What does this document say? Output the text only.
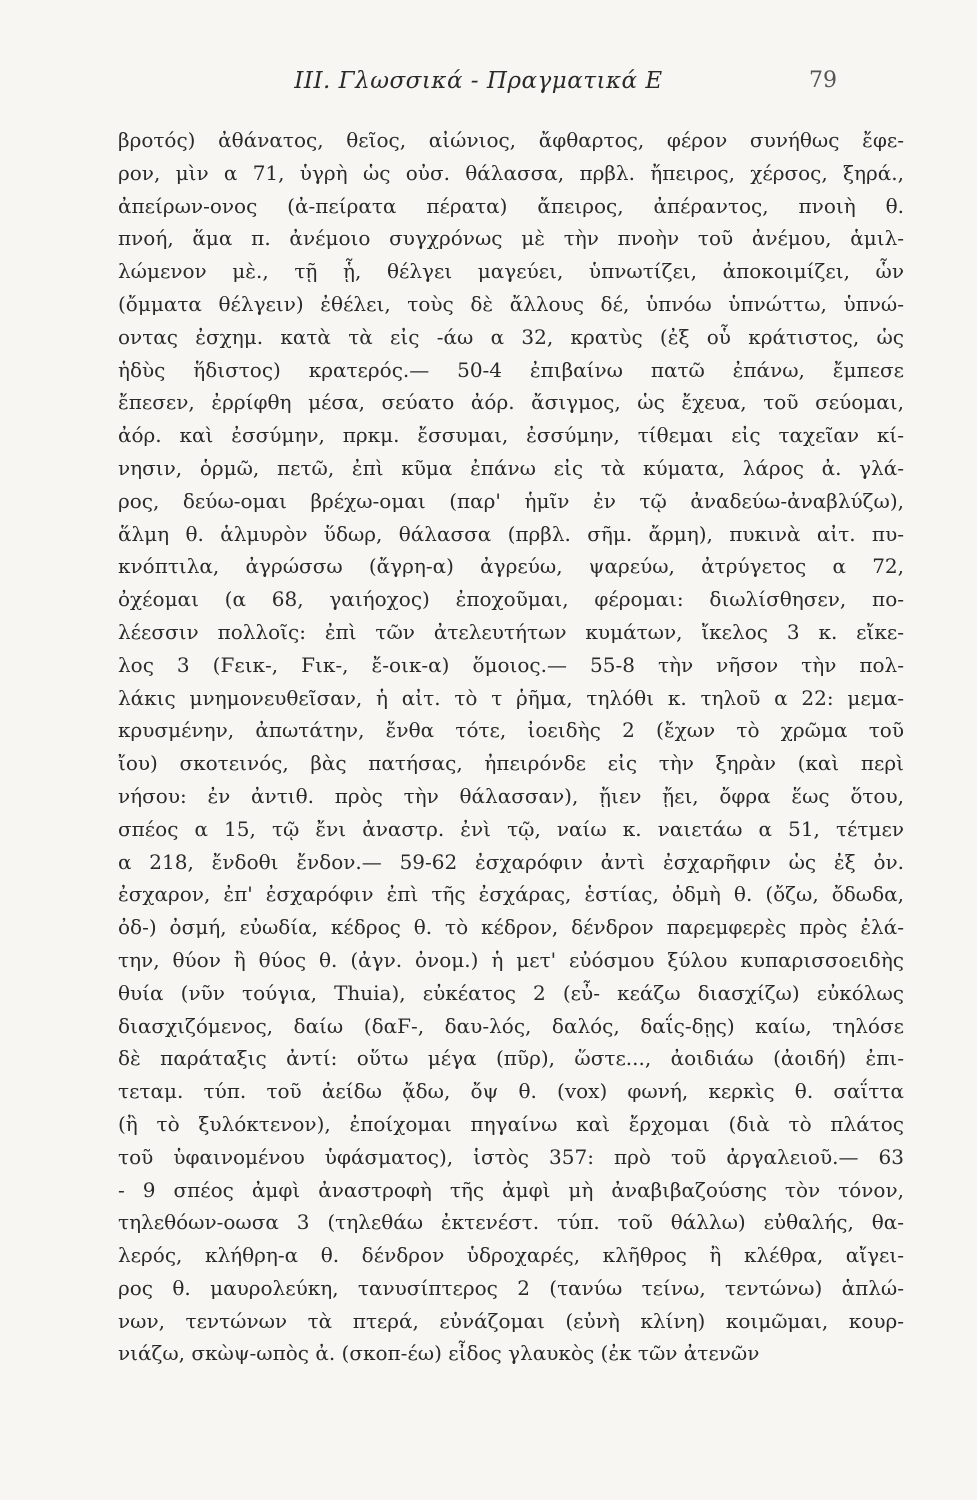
III. Γλωσσικά - Πραγματικά Ε	79
βροτός) ἀθάνατος, θεῖος, αἰώνιος, ἄφθαρτος, φέρον συνήθως ἔφε-
ρον, μὶν α 71, ὑγρὴ ὡς οὐσ. θάλασσα, πρβλ. ἤπειρος, χέρσος, ξηρά.,
ἀπείρων-ονος (ἀ-πείρατα πέρατα) ἄπειρος, ἀπέραντος, πνοιὴ θ.
πνοή, ἅμα π. ἀνέμοιο συγχρόνως μὲ τὴν πνοὴν τοῦ ἀνέμου, ἁμιλ-
λώμενον μὲ., τῇ ᾗ, θέλγει μαγεύει, ὑπνωτίζει, ἀποκοιμίζει, ὧν
(ὄμματα θέλγειν) ἐθέλει, τοὺς δὲ ἄλλους δέ, ὑπνόω ὑπνώττω, ὑπνώ-
οντας ἐσχημ. κατὰ τὰ εἰς -άω α 32, κρατὺς (ἐξ οὗ κράτιστος, ὡς
ἡδὺς ἥδιστος) κρατερός.— 50-4 ἐπιβαίνω πατῶ ἐπάνω, ἔμπεσε
ἔπεσεν, ἐρρίφθη μέσα, σεύατο ἀόρ. ἄσιγμος, ὡς ἔχευα, τοῦ σεύομαι,
ἀόρ. καὶ ἐσσύμην, πρκμ. ἔσσυμαι, ἐσσύμην, τίθεμαι εἰς ταχεῖαν κί-
νησιν, ὁρμῶ, πετῶ, ἐπὶ κῦμα ἐπάνω εἰς τὰ κύματα, λάρος ἀ. γλά-
ρος, δεύω-ομαι βρέχω-ομαι (παρ' ἡμῖν ἐν τῷ ἀναδεύω-ἀναβλύζω),
ἅλμη θ. ἁλμυρὸν ὕδωρ, θάλασσα (πρβλ. σῆμ. ἄρμη), πυκινὰ αἰτ. πυ-
κνόπτιλα, ἀγρώσσω (ἄγρη-α) ἀγρεύω, ψαρεύω, ἀτρύγετος α 72,
ὀχέομαι (α 68, γαιήοχος) ἐποχοῦμαι, φέρομαι: διωλίσθησεν, πο-
λέεσσιν πολλοῖς: ἐπὶ τῶν ἀτελευτήτων κυμάτων, ἴκελος 3 κ. εἴκε-
λος 3 (Ϝεικ-, Ϝικ-, ἔ-οικ-α) ὅμοιος.— 55-8 τὴν νῆσον τὴν πολ-
λάκις μνημονευθεῖσαν, ἡ αἰτ. τὸ τ ῥῆμα, τηλόθι κ. τηλοῦ α 22: μεμα-
κρυσμένην, ἀπωτάτην, ἔνθα τότε, ἰοειδὴς 2 (ἔχων τὸ χρῶμα τοῦ
ἴου) σκοτεινός, βὰς πατήσας, ἠπειρόνδε εἰς τὴν ξηρὰν (καὶ περὶ
νήσου: ἐν ἀντιθ. πρὸς τὴν θάλασσαν), ᾔιεν ᾔει, ὄφρα ἕως ὅτου,
σπέος α 15, τῷ ἔνι ἀναστρ. ἐνὶ τῷ, ναίω κ. ναιετάω α 51, τέτμεν
α 218, ἔνδοθι ἔνδον.— 59-62 ἐσχαρόφιν ἀντὶ ἐσχαρῆφιν ὡς ἐξ ὀν.
ἐσχαρον, ἐπ' ἐσχαρόφιν ἐπὶ τῆς ἐσχάρας, ἑστίας, ὀδμὴ θ. (ὄζω, ὄδωδα,
ὀδ-) ὀσμή, εὐωδία, κέδρος θ. τὸ κέδρον, δένδρον παρεμφερὲς πρὸς ἐλά-
την, θύον ἢ θύος θ. (ἀγν. ὀνομ.) ἡ μετ' εὐόσμου ξύλου κυπαρισσοειδὴς
θυία (νῦν τούγια, Thuia), εὐκέατος 2 (εὖ- κεάζω διασχίζω) εὐκόλως
διασχιζόμενος, δαίω (δαϜ-, δαυ-λός, δαλός, δαΐς-δῃς) καίω, τηλόσε
δὲ παράταξις ἀντί: οὕτω μέγα (πῦρ), ὥστε..., ἀοιδιάω (ἀοιδή) ἐπι-
τεταμ. τύπ. τοῦ ἀείδω ᾄδω, ὄψ θ. (vox) φωνή, κερκὶς θ. σαΐττα
(ἢ τὸ ξυλόκτενον), ἐποίχομαι πηγαίνω καὶ ἔρχομαι (διὰ τὸ πλάτος
τοῦ ὑφαινομένου ὑφάσματος), ἱστὸς 357: πρὸ τοῦ ἀργαλειοῦ.— 63
- 9 σπέος ἀμφὶ ἀναστροφὴ τῆς ἀμφὶ μὴ ἀναβιβαζούσης τὸν τόνον,
τηλεθόων-οωσα 3 (τηλεθάω ἐκτενέστ. τύπ. τοῦ θάλλω) εὐθαλής, θα-
λερός, κλήθρη-α θ. δένδρον ὑδροχαρές, κλῆθρος ἢ κλέθρα, αἴγει-
ρος θ. μαυρολεύκη, τανυσίπτερος 2 (τανύω τείνω, τεντώνω) ἁπλώ-
νων, τεντώνων τὰ πτερά, εὐνάζομαι (εὐνὴ κλίνη) κοιμῶμαι, κουρ-
νιάζω, σκὼψ-ωπὸς ἀ. (σκοπ-έω) εἶδος γλαυκὸς (ἐκ τῶν ἀτενῶν
